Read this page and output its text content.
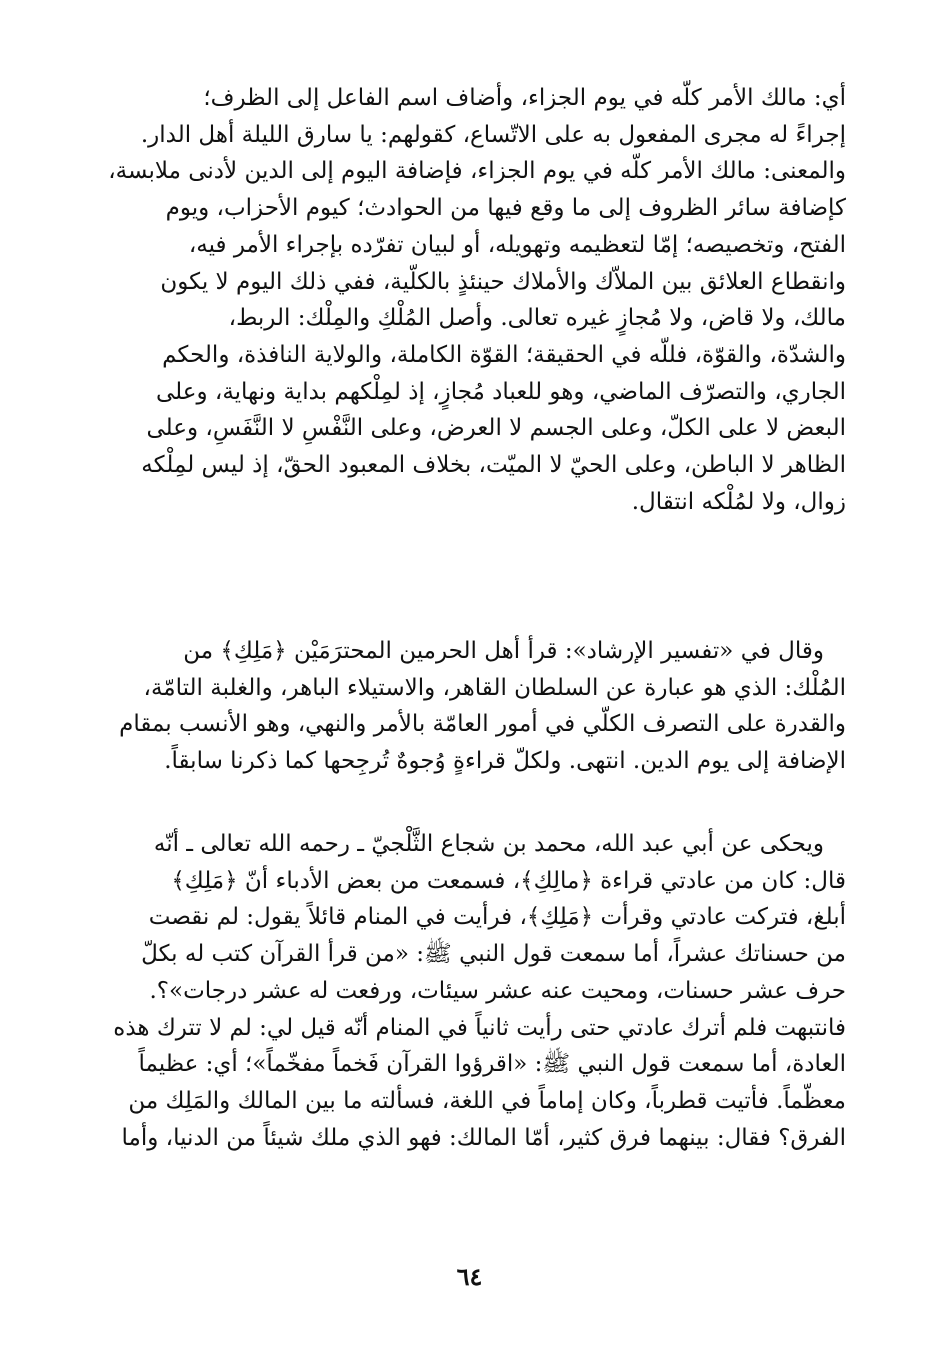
أي: مالك الأمر كلّه في يوم الجزاء، وأضاف اسم الفاعل إلى الظرف؛
إجراءً له مجرى المفعول به على الاتّساع، كقولهم: يا سارق الليلة أهل الدار.
والمعنى: مالك الأمر كلّه في يوم الجزاء، فإضافة اليوم إلى الدين لأدنى ملابسة،
كإضافة سائر الظروف إلى ما وقع فيها من الحوادث؛ كيوم الأحزاب، ويوم
الفتح، وتخصيصه؛ إمّا لتعظيمه وتهويله، أو لبيان تفرّده بإجراء الأمر فيه،
وانقطاع العلائق بين الملاّك والأملاك حينئذٍ بالكلّية، ففي ذلك اليوم لا يكون
مالك، ولا قاض، ولا مُجازٍ غيره تعالى. وأصل المُلْكِ والمِلْك: الربط،
والشدّة، والقوّة، فللّه في الحقيقة؛ القوّة الكاملة، والولاية النافذة، والحكم
الجاري، والتصرّف الماضي، وهو للعباد مُجازٍ، إذ لمِلْكهم بداية ونهاية، وعلى
البعض لا على الكلّ، وعلى الجسم لا العرض، وعلى النَّفْسِ لا النَّفَسِ، وعلى
الظاهر لا الباطن، وعلى الحيّ لا الميّت، بخلاف المعبود الحقّ، إذ ليس لمِلْكه
زوال، ولا لمُلْكه انتقال.

وقال في «تفسير الإرشاد»: قرأ أهل الحرمين المحترَمَيْن ﴿مَلِكِ﴾ من
المُلْك: الذي هو عبارة عن السلطان القاهر، والاستيلاء الباهر، والغلبة التامّة،
والقدرة على التصرف الكلّي في أمور العامّة بالأمر والنهي، وهو الأنسب بمقام
الإضافة إلى يوم الدين. انتهى. ولكلّ قراءةٍ وُجوهٌ تُرجِحها كما ذكرنا سابقاً.

ويحكى عن أبي عبد الله، محمد بن شجاع الثَّلْجيّ ـ رحمه الله تعالى ـ أنّه
قال: كان من عادتي قراءة ﴿مالِكِ﴾، فسمعت من بعض الأدباء أنّ ﴿مَلِكِ﴾
أبلغ، فتركت عادتي وقرأت ﴿مَلِكِ﴾، فرأيت في المنام قائلاً يقول: لم نقصت
من حسناتك عشراً، أما سمعت قول النبي ﷺ: «من قرأ القرآن كتب له بكلّ
حرف عشر حسنات، ومحيت عنه عشر سيئات، ورفعت له عشر درجات»؟.
فانتبهت فلم أترك عادتي حتى رأيت ثانياً في المنام أنّه قيل لي: لم لا تترك هذه
العادة، أما سمعت قول النبي ﷺ: «اقرؤوا القرآن فَخماً مفخّماً»؛ أي: عظيماً
معظّماً. فأتيت قطرباً، وكان إماماً في اللغة، فسألته ما بين المالك والمَلِك من
الفرق؟ فقال: بينهما فرق كثير، أمّا المالك: فهو الذي ملك شيئاً من الدنيا، وأما

٦٤
